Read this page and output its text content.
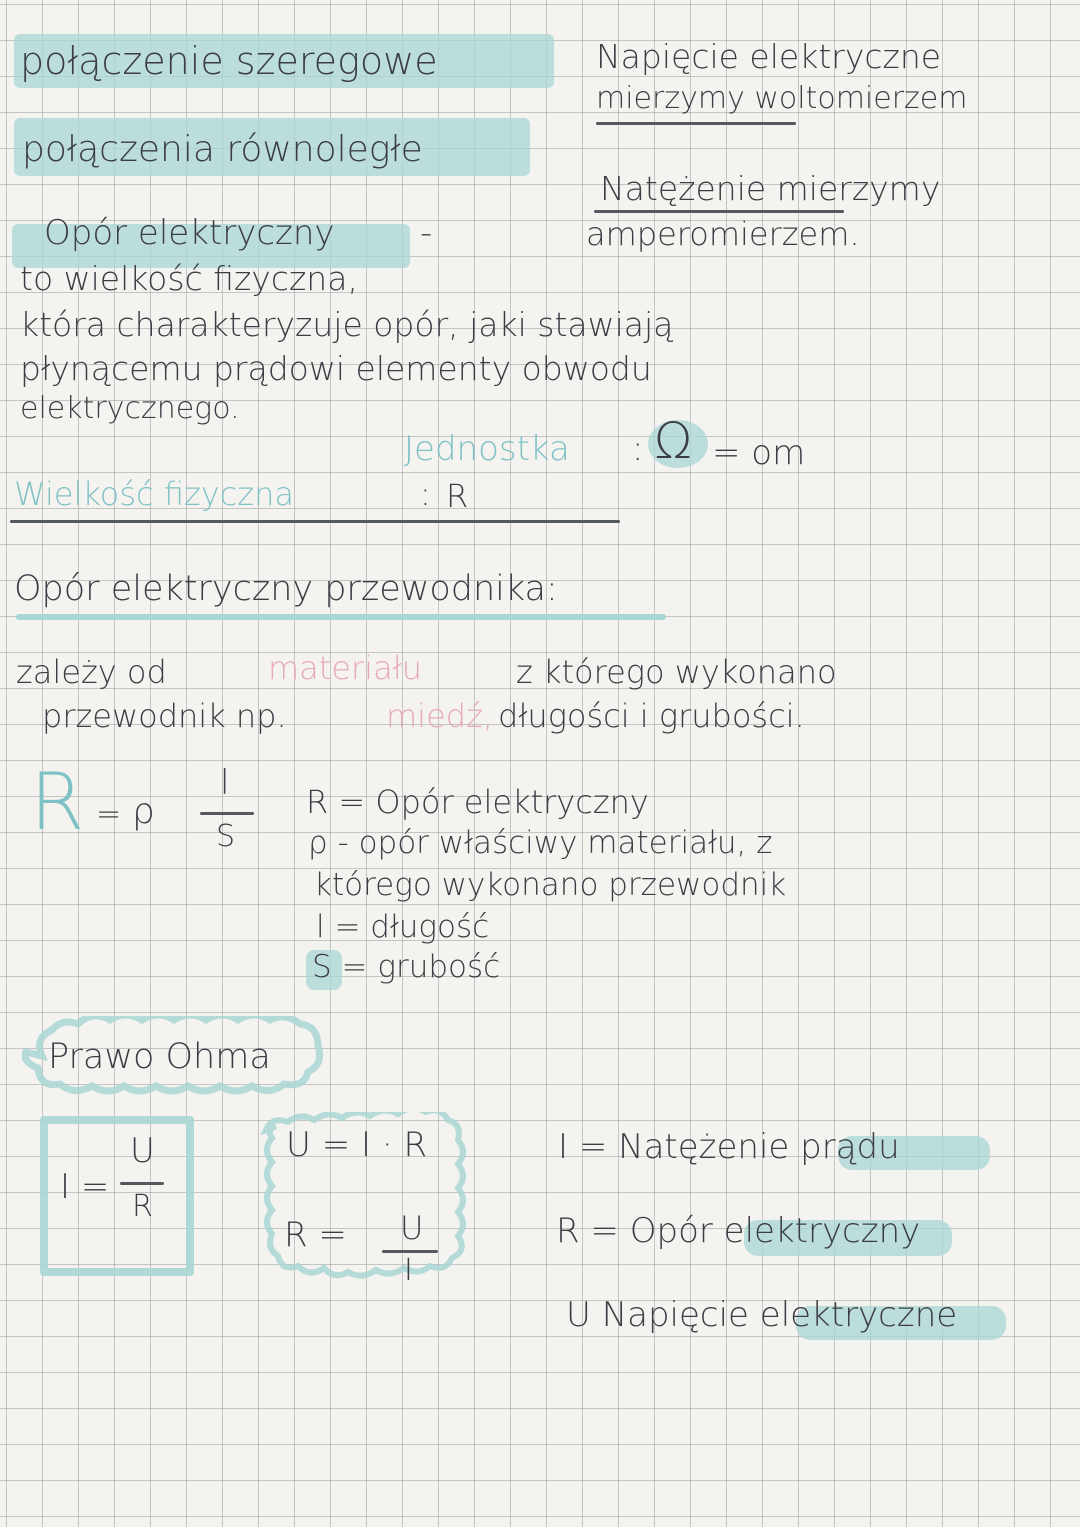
połączenie szeregowe
połączenia równoległe
Napięcie elektryczne
mierzymy woltomierzem
Natężenie mierzymy
amperomierzem.
Opór elektryczny	-
to wielkość fizyczna,
która charakteryzuje opór, jaki stawiają
płynącemu prądowi elementy obwodu
elektrycznego.
Jednostka : Ω = om
Wielkość fizyczna	: R
Opór elektryczny przewodnika:
zależy od	materiału	z którego wykonano
przewodnik np.	miedź, długości i grubości.
R = ρ
l
S
R = Opór elektryczny
ρ - opór właściwy materiału, z
którego wykonano przewodnik
l = długość
S = grubość
Prawo Ohma
I =
U
R
U = I · R
R = U
I
I = Natężenie prądu
R = Opór elektryczny
U Napięcie elektryczne
